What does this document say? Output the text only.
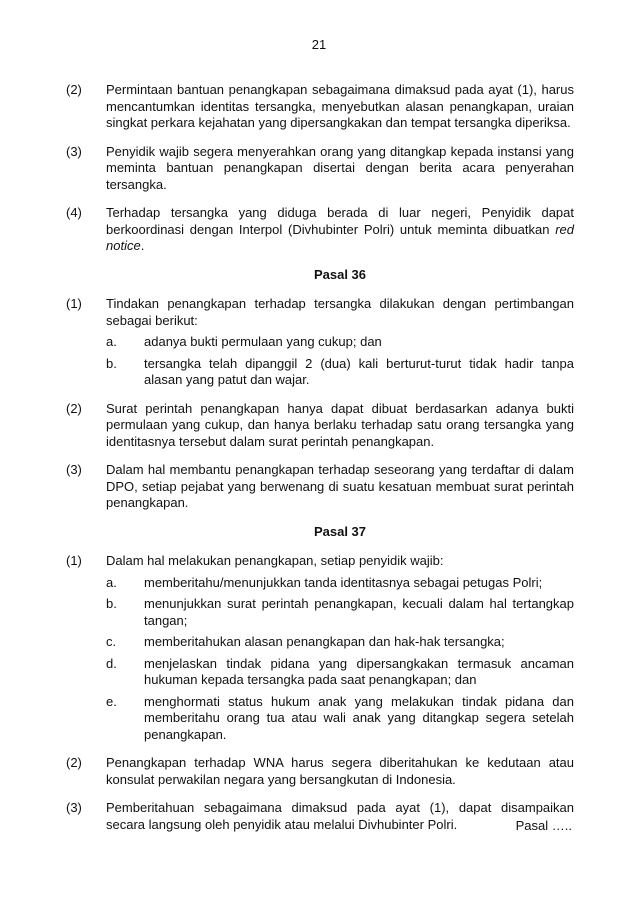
21
(2)	Permintaan bantuan penangkapan sebagaimana dimaksud pada ayat (1), harus mencantumkan identitas tersangka, menyebutkan alasan penangkapan, uraian singkat perkara kejahatan yang dipersangkakan dan tempat tersangka diperiksa.
(3)	Penyidik wajib segera menyerahkan orang yang ditangkap kepada instansi yang meminta bantuan penangkapan disertai dengan berita acara penyerahan tersangka.
(4)	Terhadap tersangka yang diduga berada di luar negeri, Penyidik dapat berkoordinasi dengan Interpol (Divhubinter Polri) untuk meminta dibuatkan red notice.
Pasal 36
(1)	Tindakan penangkapan terhadap tersangka dilakukan dengan pertimbangan sebagai berikut:
a.	adanya bukti permulaan yang cukup; dan
b.	tersangka telah dipanggil 2 (dua) kali berturut-turut tidak hadir tanpa alasan yang patut dan wajar.
(2)	Surat perintah penangkapan hanya dapat dibuat berdasarkan adanya bukti permulaan yang cukup, dan hanya berlaku terhadap satu orang tersangka yang identitasnya tersebut dalam surat perintah penangkapan.
(3)	Dalam hal membantu penangkapan terhadap seseorang yang terdaftar di dalam DPO, setiap pejabat yang berwenang di suatu kesatuan membuat surat perintah penangkapan.
Pasal 37
(1)	Dalam hal melakukan penangkapan, setiap penyidik wajib:
a.	memberitahu/menunjukkan tanda identitasnya sebagai petugas Polri;
b.	menunjukkan surat perintah penangkapan, kecuali dalam hal tertangkap tangan;
c.	memberitahukan alasan penangkapan dan hak-hak tersangka;
d.	menjelaskan tindak pidana yang dipersangkakan termasuk ancaman hukuman kepada tersangka pada saat penangkapan; dan
e.	menghormati status hukum anak yang melakukan tindak pidana dan memberitahu orang tua atau wali anak yang ditangkap segera setelah penangkapan.
(2)	Penangkapan terhadap WNA harus segera diberitahukan ke kedutaan atau konsulat perwakilan negara yang bersangkutan di Indonesia.
(3)	Pemberitahuan sebagaimana dimaksud pada ayat (1), dapat disampaikan secara langsung oleh penyidik atau melalui Divhubinter Polri.	Pasal …..
